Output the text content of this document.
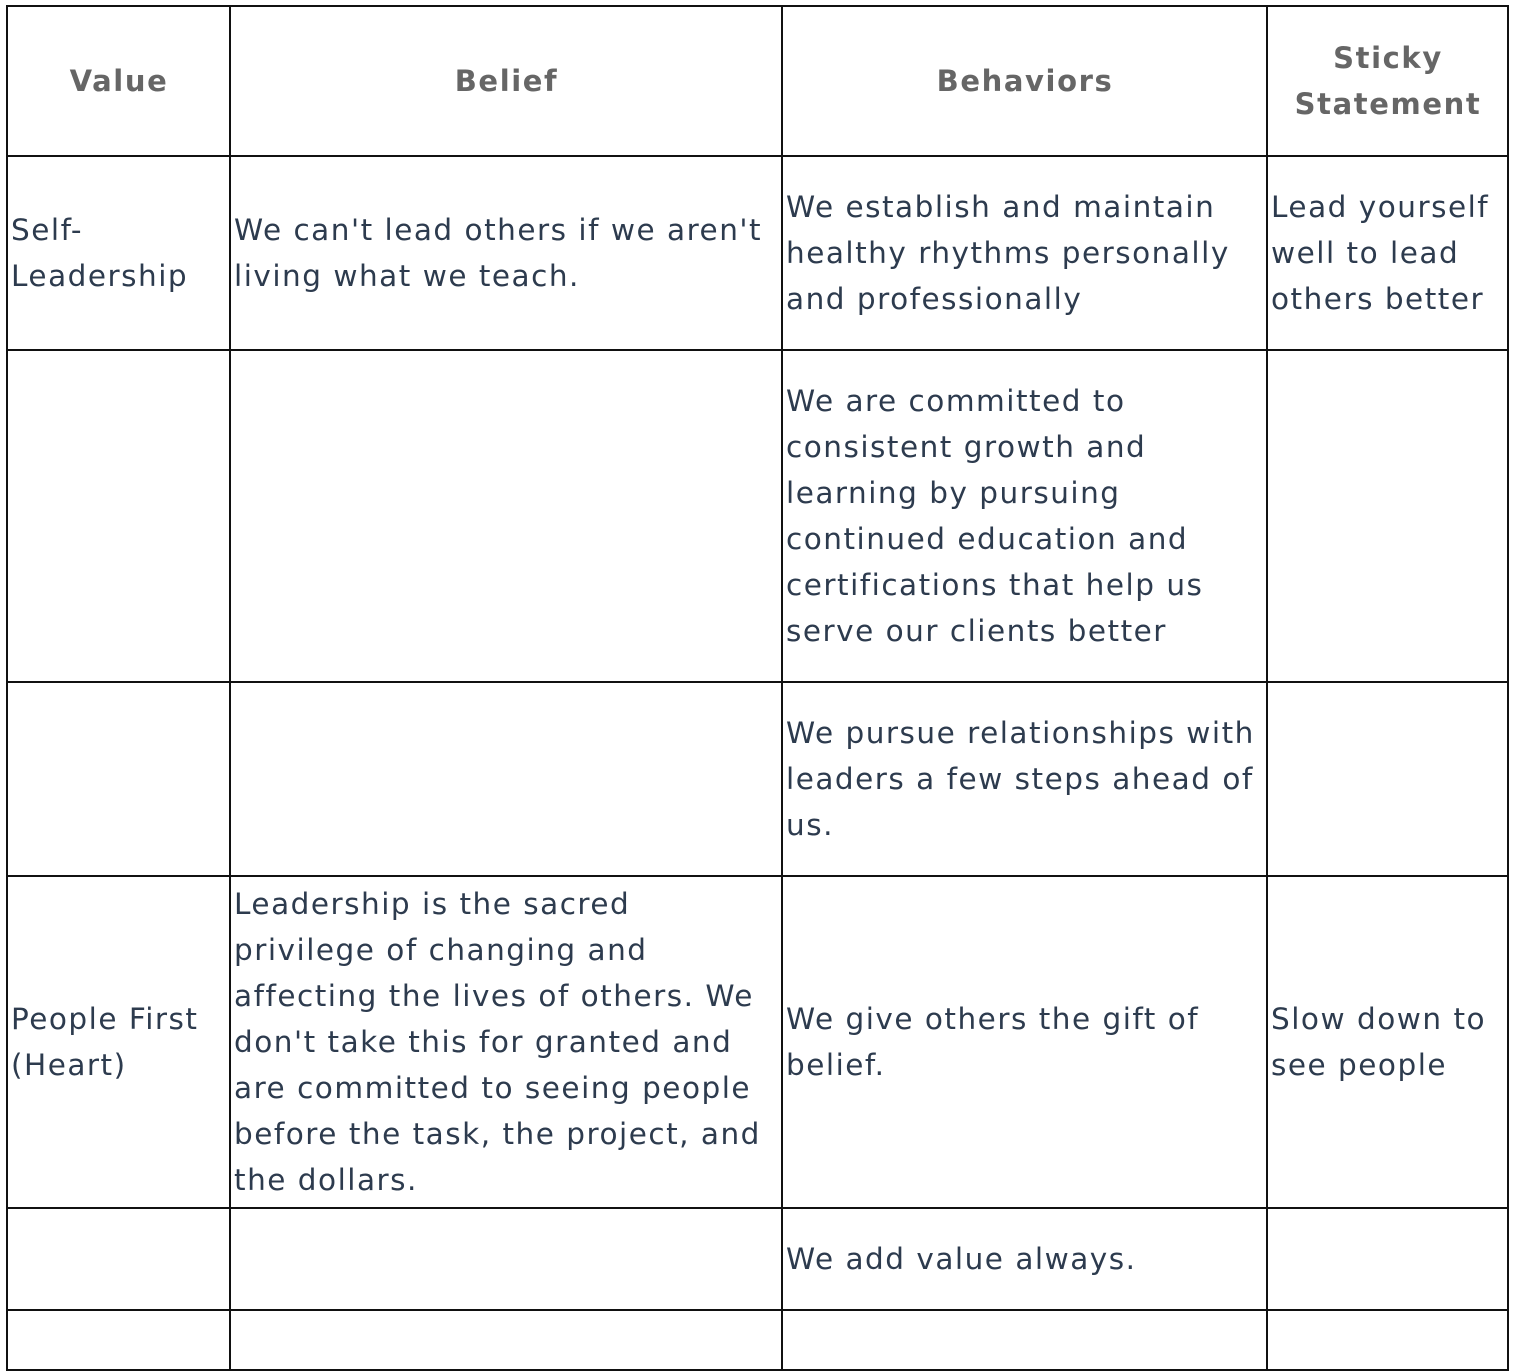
Value	Belief	Behaviors	Sticky Statement
Self-Leadership	We can't lead others if we aren't living what we teach.	We establish and maintain healthy rhythms personally and professionally	Lead yourself well to lead others better
		We are committed to consistent growth and learning by pursuing continued education and certifications that help us serve our clients better	
		We pursue relationships with leaders a few steps ahead of us.	
People First (Heart)	Leadership is the sacred privilege of changing and affecting the lives of others. We don't take this for granted and are committed to seeing people before the task, the project, and the dollars.	We give others the gift of belief.	Slow down to see people
		We add value always.	
